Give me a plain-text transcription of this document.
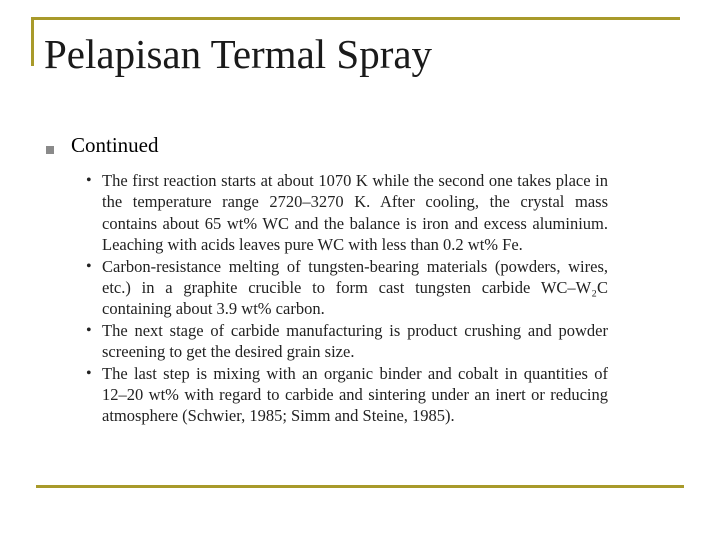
Pelapisan Termal Spray
Continued
• The first reaction starts at about 1070 K while the second one takes place in the temperature range 2720–3270 K. After cooling, the crystal mass contains about 65 wt% WC and the balance is iron and excess aluminium. Leaching with acids leaves pure WC with less than 0.2 wt% Fe.
• Carbon-resistance melting of tungsten-bearing materials (powders, wires, etc.) in a graphite crucible to form cast tungsten carbide WC–W₂C containing about 3.9 wt% carbon.
• The next stage of carbide manufacturing is product crushing and powder screening to get the desired grain size.
• The last step is mixing with an organic binder and cobalt in quantities of 12–20 wt% with regard to carbide and sintering under an inert or reducing atmosphere (Schwier, 1985; Simm and Steine, 1985).
